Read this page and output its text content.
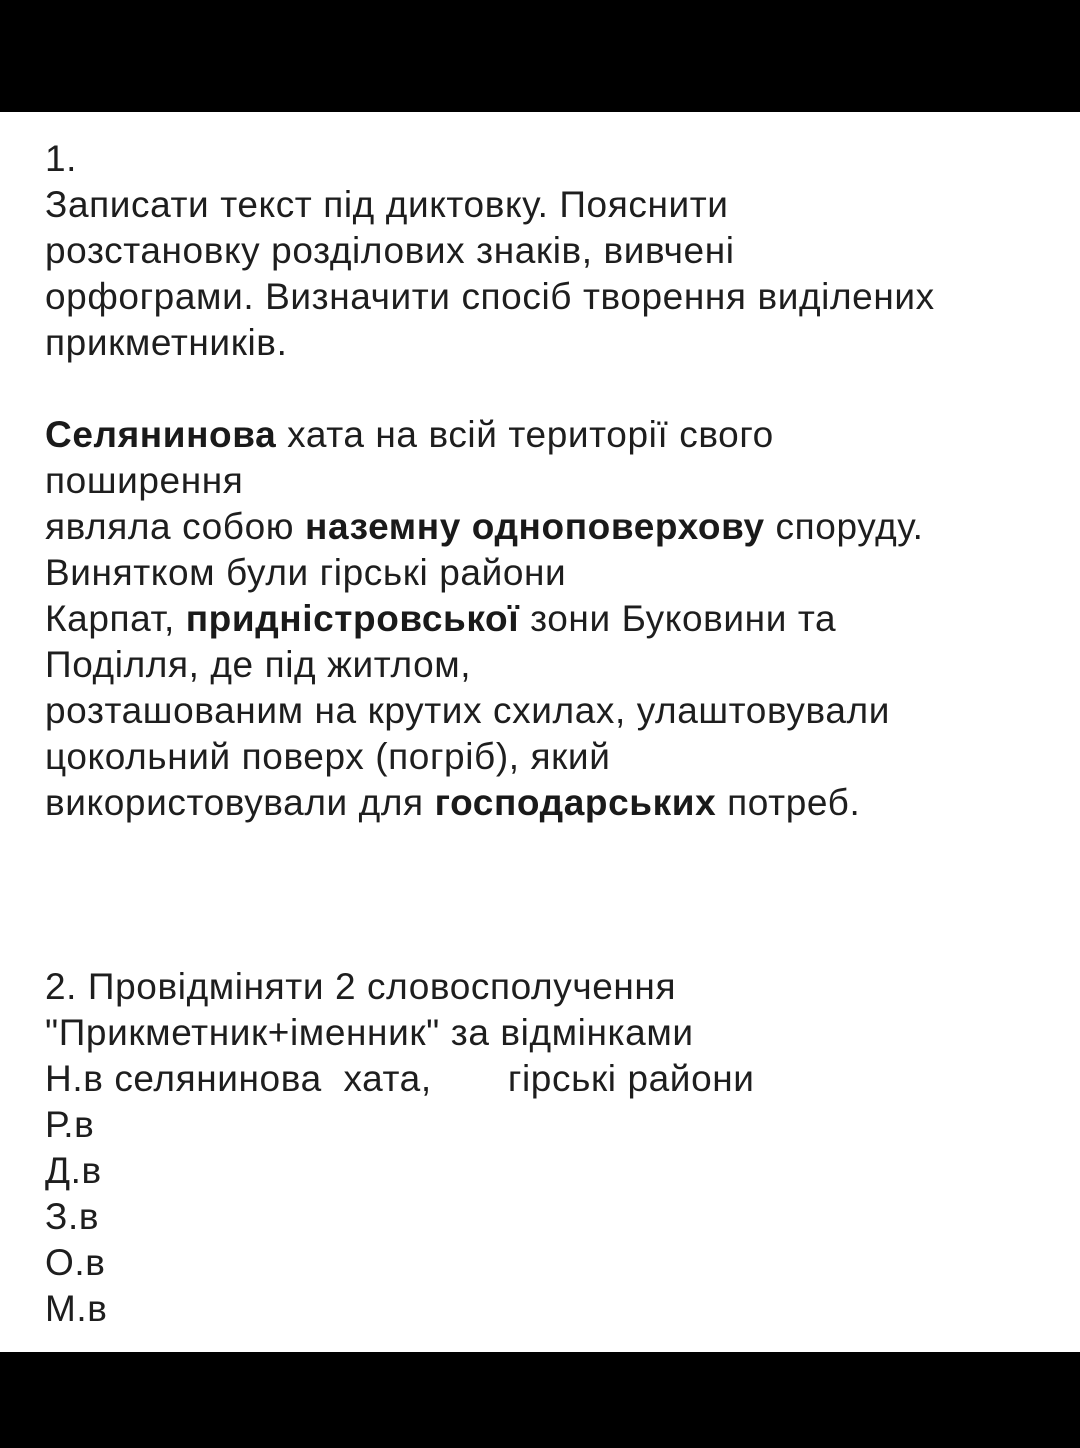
1.
Записати текст під диктовку. Пояснити
розстановку розділових знаків, вивчені
орфограми. Визначити спосіб творення виділених
прикметників.
Селянинова хата на всій території свого
поширення
являла собою наземну одноповерхову споруду.
Винятком були гірські райони
Карпат, придністровської зони Буковини та
Поділля, де під житлом,
розташованим на крутих схилах, улаштовували
цокольний поверх (погріб), який
використовували для господарських потреб.
2. Провідміняти 2 словосполучення
"Прикметник+іменник" за відмінками
Н.в селянинова  хата,       гірські райони
Р.в
Д.в
З.в
О.в
М.в
